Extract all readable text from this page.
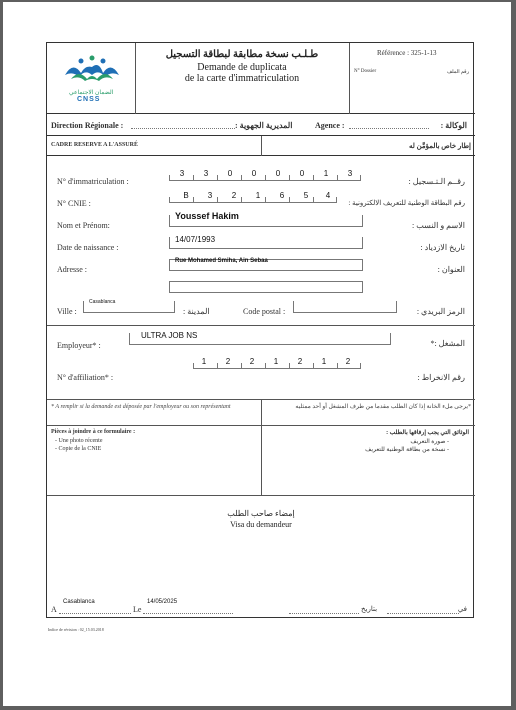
الضمان الاجتماعي
CNSS
طـلـب نسخة مطابقة لبطاقة التسجيل
Demande de duplicata
de la carte d'immatriculation
Référence : 325-1-13
N° Dossier	رقم الملف
Direction Régionale :	المديرية الجهوية :	Agence :	الوكالة :
CADRE RESERVE A L'ASSURÉ	إطار خاص بالمؤمَّن له
N° d'immatriculation :
3	3	0	0	0	0	1	3
رقــم الـتـسجيل :
N° CNIE :
B	3	2	1	6	5	4
رقم البطاقة الوطنية للتعريف الالكترونية :
Nom et Prénom:
Youssef Hakim
الاسم و النسب :
Date de naissance :
14/07/1993
تاريخ الازدياد :
Adresse :
Rue Mohamed Smiha, Ain Sebaa
العنوان :
Ville :
Casablanca
المدينة :	Code postal :	الرمز البريدي :
Employeur* :
ULTRA JOB NS
المشغل :*
N° d'affiliation* :
1	2	2	1	2	1	2
رقم الانخراط :
* A remplir si la demande est déposée par l'employeur ou son représentant	*يرجى ملء الخانة إذا كان الطلب مقدما من طرف المشغل أو أحد ممثليه
Pièces à joindre à ce formulaire :
- Une photo récente
- Copie de la CNIE
الوثائق التي يجب إرفاقها بالطلب :
- صورة التعريف
- نسخة من بطاقة الوطنية للتعريف
إمضاء صاحب الطلب
Visa du demandeur
A
Casablanca
Le
14/05/2025
بتاريخ	في
Indice de révision : 02_15.03.2018
